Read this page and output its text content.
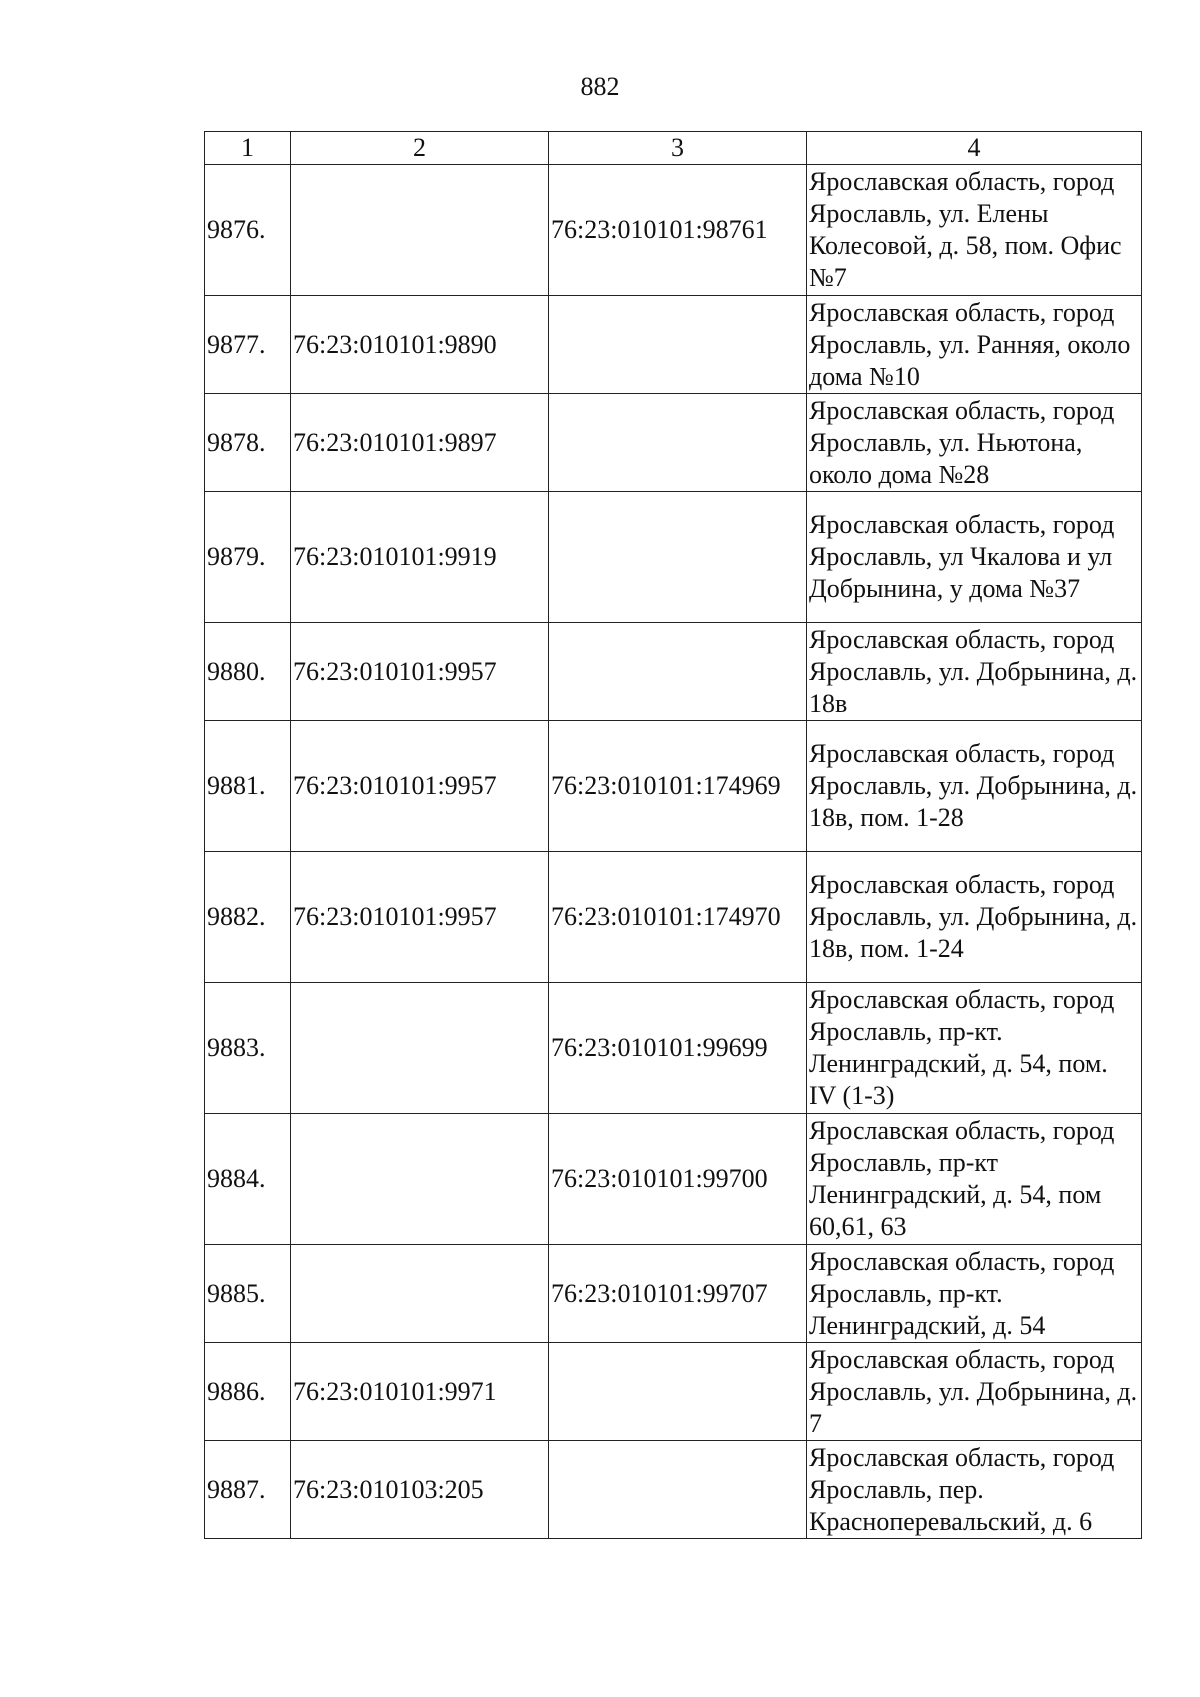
882
1	2	3	4
9876.		76:23:010101:98761	Ярославская область, город Ярославль, ул. Елены Колесовой, д. 58, пом. Офис №7
9877.	76:23:010101:9890		Ярославская область, город Ярославль, ул. Ранняя, около дома №10
9878.	76:23:010101:9897		Ярославская область, город Ярославль, ул. Ньютона, около дома №28
9879.	76:23:010101:9919		Ярославская область, город Ярославль, ул Чкалова и ул Добрынина, у дома №37
9880.	76:23:010101:9957		Ярославская область, город Ярославль, ул. Добрынина, д. 18в
9881.	76:23:010101:9957	76:23:010101:174969	Ярославская область, город Ярославль, ул. Добрынина, д. 18в, пом. 1-28
9882.	76:23:010101:9957	76:23:010101:174970	Ярославская область, город Ярославль, ул. Добрынина, д. 18в, пом. 1-24
9883.		76:23:010101:99699	Ярославская область, город Ярославль, пр-кт. Ленинградский, д. 54, пом. IV (1-3)
9884.		76:23:010101:99700	Ярославская область, город Ярославль, пр-кт Ленинградский, д. 54, пом 60,61, 63
9885.		76:23:010101:99707	Ярославская область, город Ярославль, пр-кт. Ленинградский, д. 54
9886.	76:23:010101:9971		Ярославская область, город Ярославль, ул. Добрынина, д. 7
9887.	76:23:010103:205		Ярославская область, город Ярославль, пер. Красноперевальский, д. 6
